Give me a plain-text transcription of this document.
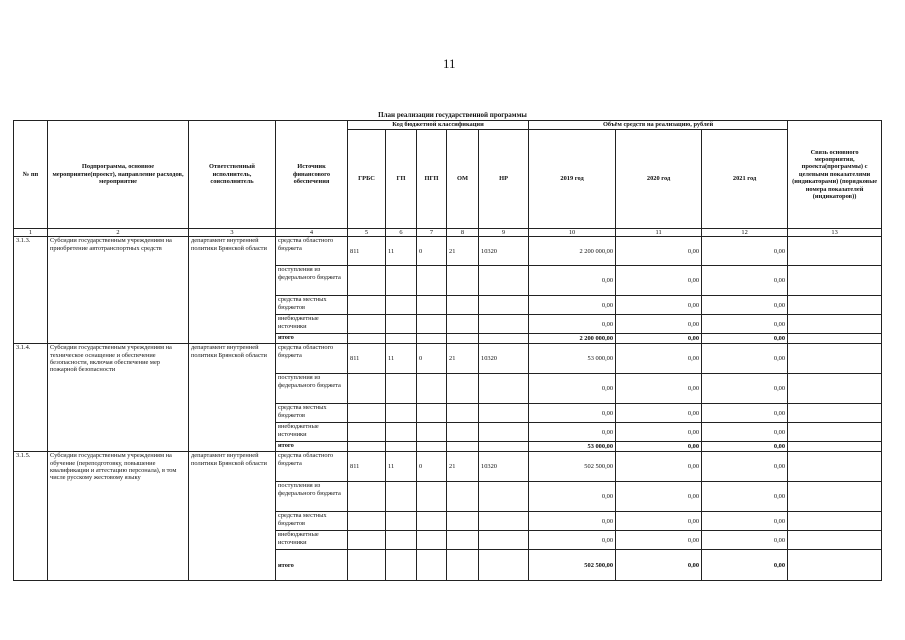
11
План реализации государственной программы
№ пп	Подпрограмма, основное мероприятие(проект), направление расходов, мероприятие	Ответственный исполнитель, соисполнитель	Источник финансового обеспечения	Код бюджетной классификации					Объём средств на реализацию, рублей			Связь основного мероприятия, проекта(программы) с целевыми показателями (индикаторами) (порядковые номера показателей (индикаторов))
				ГРБС	ГП	ПГП	ОМ	НР	2019 год	2020 год	2021 год	
1	2	3	4	5	6	7	8	9	10	11	12	13
3.1.3.	Субсидии государственным учреждениям на приобретение автотранспортных средств	департамент внутренней политики Брянской области	средства областного бюджета	811	11	0	21	10320	2 200 000,00	0,00	0,00	
			поступления из федерального бюджета						0,00	0,00	0,00	
			средства местных бюджетов						0,00	0,00	0,00	
			внебюджетные источники						0,00	0,00	0,00	
			итого						2 200 000,00	0,00	0,00	
3.1.4.	Субсидии государственным учреждениям на техническое оснащение и обеспечение безопасности, включая обеспечение мер пожарной безопасности	департамент внутренней политики Брянской области	средства областного бюджета	811	11	0	21	10320	53 000,00	0,00	0,00	
			поступления из федерального бюджета						0,00	0,00	0,00	
			средства местных бюджетов						0,00	0,00	0,00	
			внебюджетные источники						0,00	0,00	0,00	
			итого						53 000,00	0,00	0,00	
3.1.5.	Субсидии государственным учреждениям на обучение (переподготовку, повышение квалификации и аттестацию персонала), в том числе русскому жестовому языку	департамент внутренней политики Брянской области	средства областного бюджета	811	11	0	21	10320	502 500,00	0,00	0,00	
			поступления из федерального бюджета						0,00	0,00	0,00	
			средства местных бюджетов						0,00	0,00	0,00	
			внебюджетные источники						0,00	0,00	0,00	
			итого						502 500,00	0,00	0,00	
